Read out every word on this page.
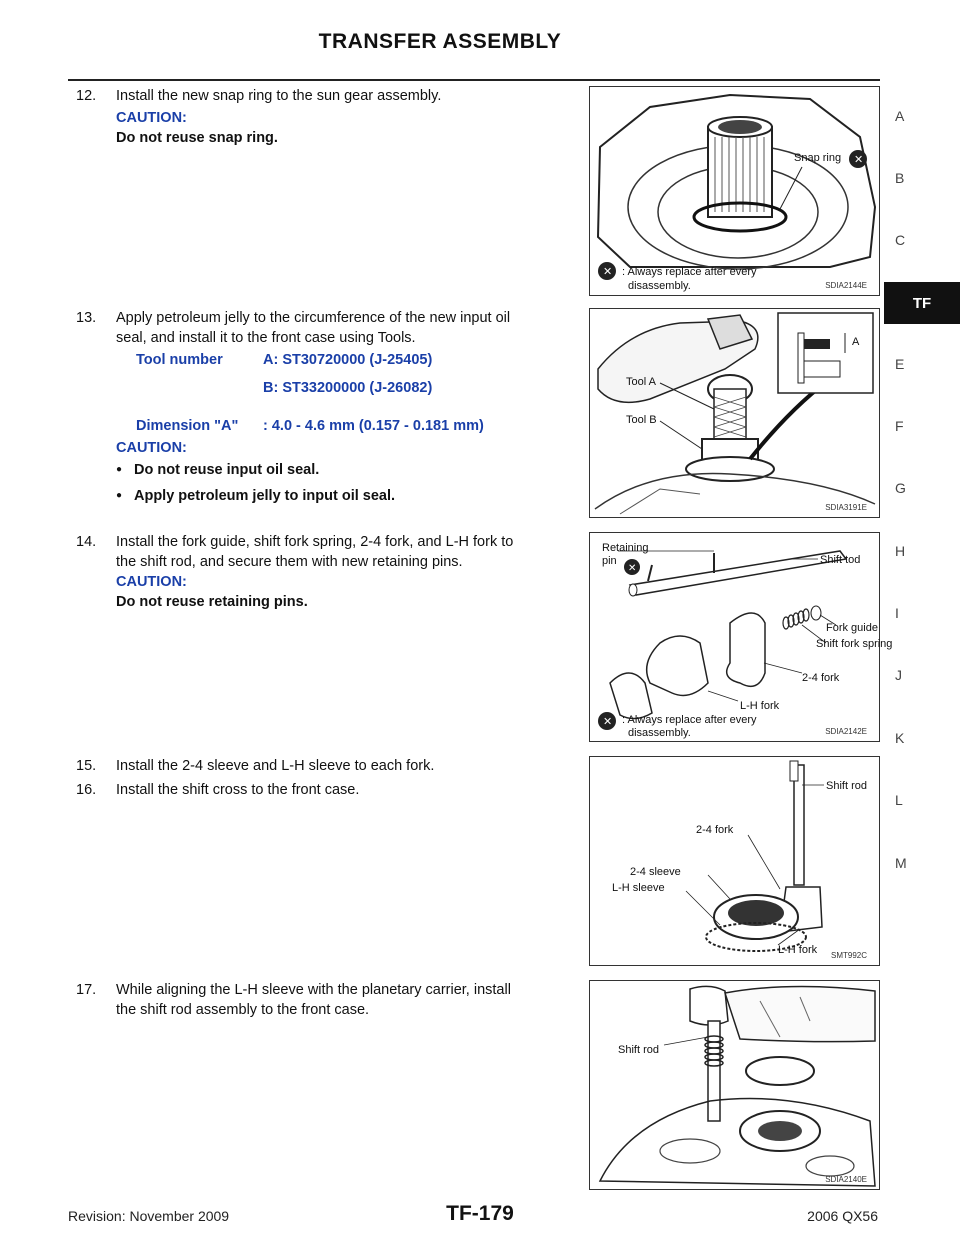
TRANSFER ASSEMBLY
A
B
C
TF
E
F
G
H
I
J
K
L
M
12. Install the new snap ring to the sun gear assembly.
CAUTION:
Do not reuse snap ring.
13. Apply petroleum jelly to the circumference of the new input oil
seal, and install it to the front case using Tools.
Tool number	A: ST30720000 (J-25405)
	B: ST33200000 (J-26082)
Dimension "A"	: 4.0 - 4.6 mm (0.157 - 0.181 mm)
CAUTION:
● Do not reuse input oil seal.
● Apply petroleum jelly to input oil seal.
14. Install the fork guide, shift fork spring, 2-4 fork, and L-H fork to
the shift rod, and secure them with new retaining pins.
CAUTION:
Do not reuse retaining pins.
15. Install the 2-4 sleeve and L-H sleeve to each fork.
16. Install the shift cross to the front case.
17. While aligning the L-H sleeve with the planetary carrier, install
the shift rod assembly to the front case.
Snap ring ✕
✕ : Always replace after every
disassembly.	SDIA2144E
A
Tool A
Tool B
SDIA3191E
Retaining
pin
✕
Shift tod
Fork guide
Shift fork spring
2-4 fork
L-H fork
✕ : Always replace after every
disassembly.	SDIA2142E
Shift rod
2-4 fork
2-4 sleeve
L-H sleeve
L-H fork SMT992C
Shift rod
SDIA2140E
Revision: November 2009	TF-179	2006 QX56
